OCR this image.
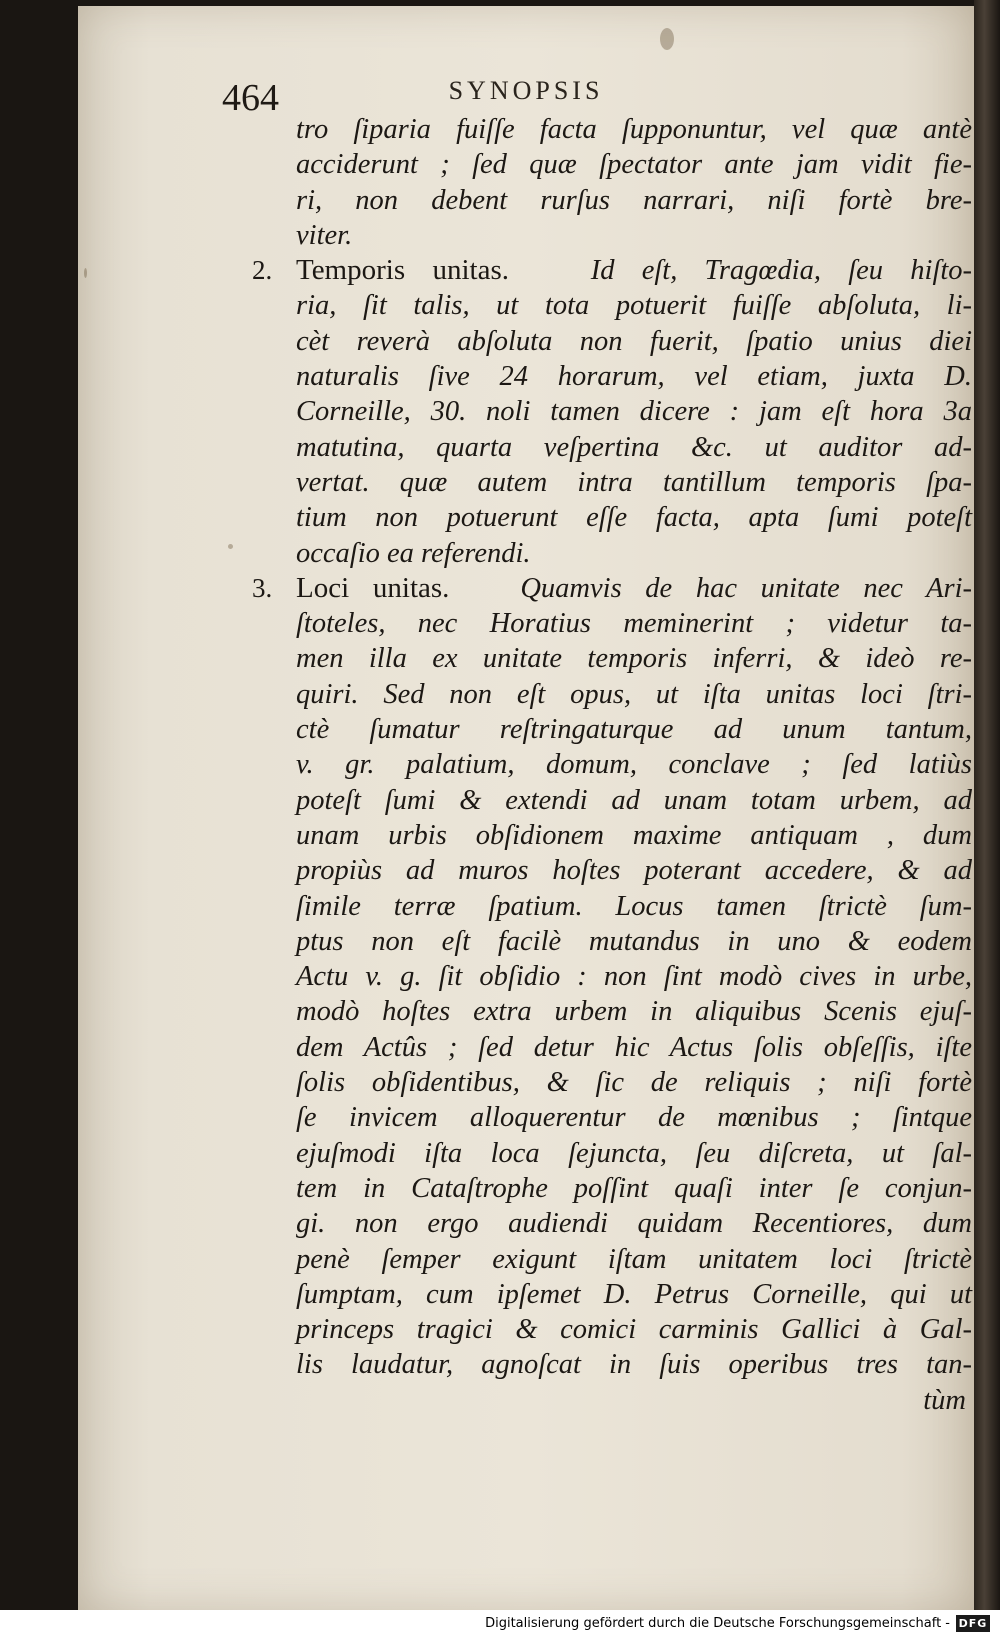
464	SYNOPSIS
tro ſiparia fuiſſe facta ſupponuntur, vel quæ antè
acciderunt ; ſed quæ ſpectator ante jam vidit fie-
ri, non debent rurſus narrari, niſi fortè bre-
viter.
2. Temporis unitas.	Id eſt, Tragœdia, ſeu hiſto-
ria, ſit talis, ut tota potuerit fuiſſe abſoluta, li-
cèt reverà abſoluta non fuerit, ſpatio unius diei
naturalis ſive 24 horarum, vel etiam, juxta D.
Corneille, 30. noli tamen dicere : jam eſt hora 3a
matutina, quarta veſpertina &c. ut auditor ad-
vertat. quæ autem intra tantillum temporis ſpa-
tium non potuerunt eſſe facta, apta ſumi poteſt
occaſio ea referendi.
3. Loci unitas. Quamvis de hac unitate nec Ari-
ſtoteles, nec Horatius meminerint ; videtur ta-
men illa ex unitate temporis inferri, & ideò re-
quiri. Sed non eſt opus, ut iſta unitas loci ſtri-
ctè ſumatur reſtringaturque ad unum tantum,
v. gr. palatium, domum, conclave ; ſed latiùs
poteſt ſumi & extendi ad unam totam urbem, ad
unam urbis obſidionem maxime antiquam , dum
propiùs ad muros hoſtes poterant accedere, & ad
ſimile terræ ſpatium. Locus tamen ſtrictè ſum-
ptus non eſt facilè mutandus in uno & eodem
Actu v. g. ſit obſidio : non ſint modò cives in urbe,
modò hoſtes extra urbem in aliquibus Scenis ejuſ-
dem Actûs ; ſed detur hic Actus ſolis obſeſſis, iſte
ſolis obſidentibus, & ſic de reliquis ; niſi fortè
ſe invicem alloquerentur de mœnibus ; ſintque
ejuſmodi iſta loca ſejuncta, ſeu diſcreta, ut ſal-
tem in Cataſtrophe poſſint quaſi inter ſe conjun-
gi. non ergo audiendi quidam Recentiores, dum
penè ſemper exigunt iſtam unitatem loci ſtrictè
ſumptam, cum ipſemet D. Petrus Corneille, qui ut
princeps tragici & comici carminis Gallici à Gal-
lis laudatur, agnoſcat in ſuis operibus tres tan-
tùm
Digitalisierung gefördert durch die Deutsche Forschungsgemeinschaft - DFG
